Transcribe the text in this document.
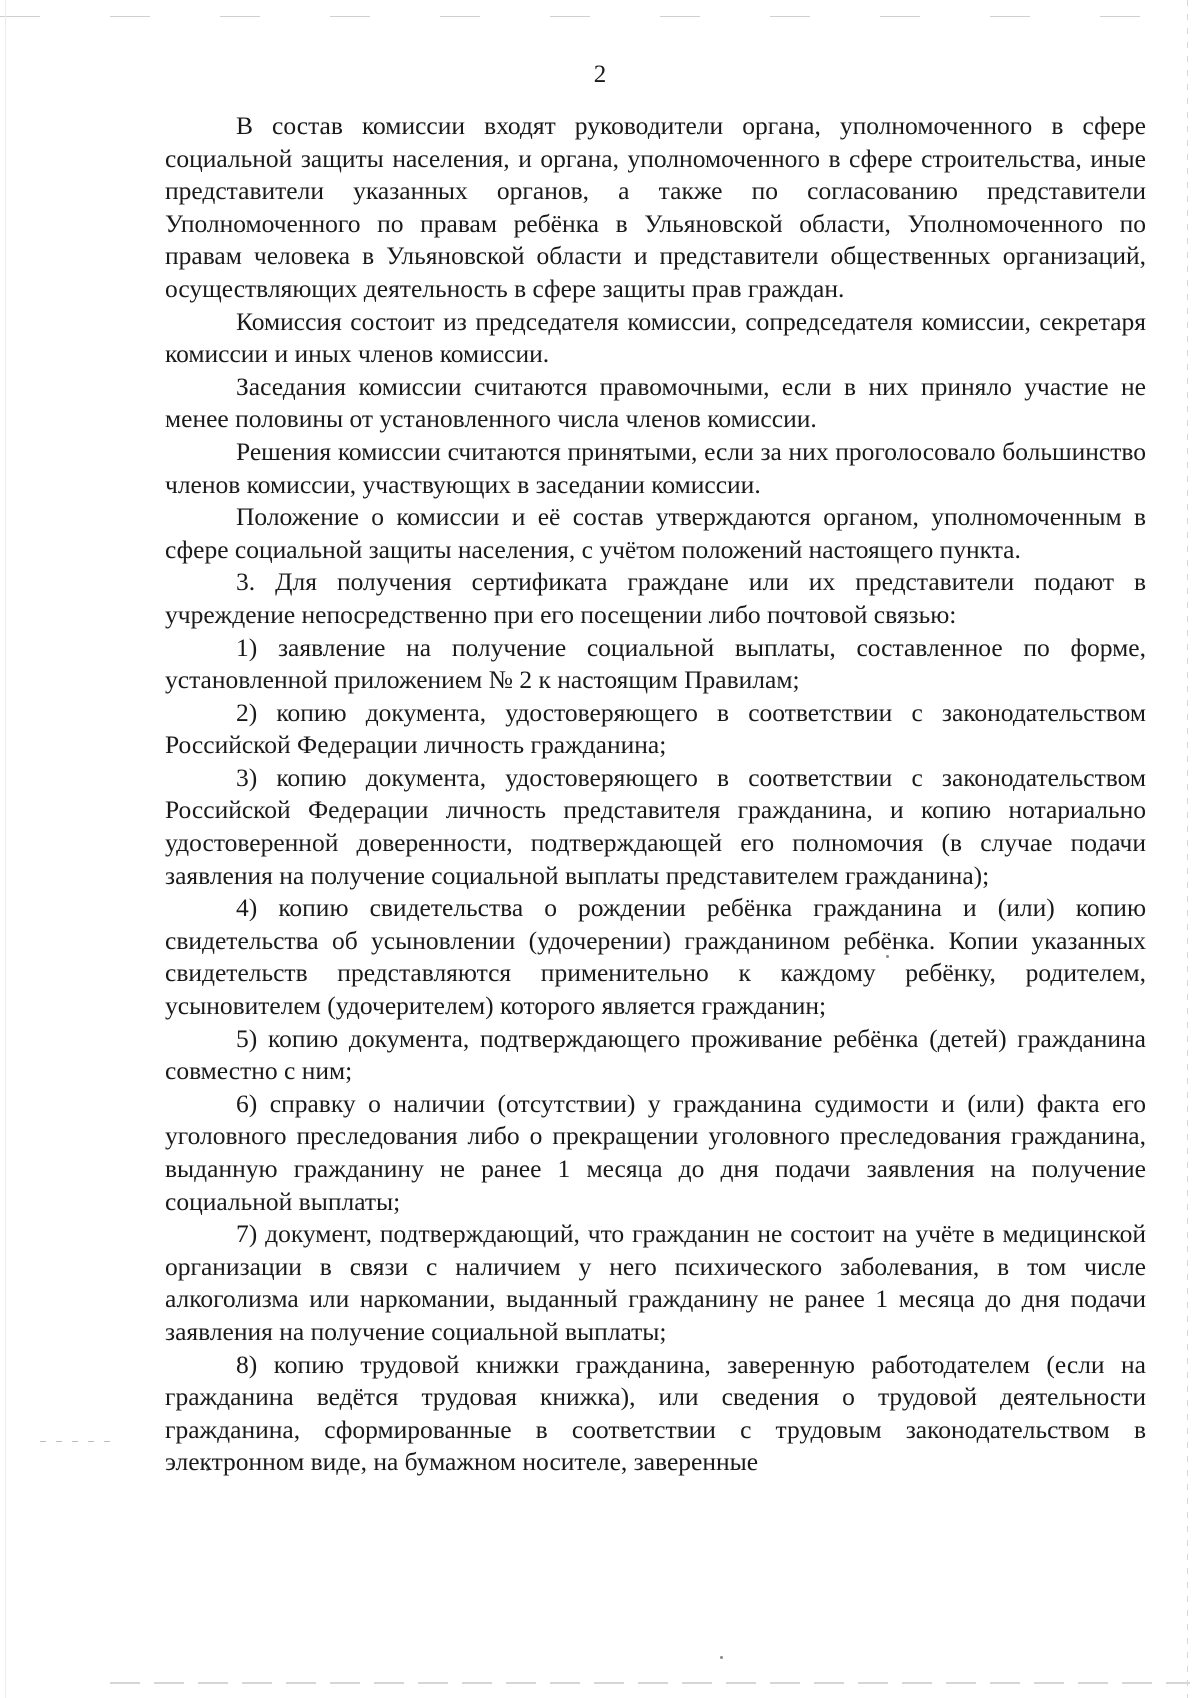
2

В состав комиссии входят руководители органа, уполномоченного в сфере социальной защиты населения, и органа, уполномоченного в сфере строительства, иные представители указанных органов, а также по согласованию представители Уполномоченного по правам ребёнка в Ульяновской области, Уполномоченного по правам человека в Ульяновской области и представители общественных организаций, осуществляющих деятельность в сфере защиты прав граждан.

Комиссия состоит из председателя комиссии, сопредседателя комиссии, секретаря комиссии и иных членов комиссии.

Заседания комиссии считаются правомочными, если в них приняло участие не менее половины от установленного числа членов комиссии.

Решения комиссии считаются принятыми, если за них проголосовало большинство членов комиссии, участвующих в заседании комиссии.

Положение о комиссии и её состав утверждаются органом, уполномоченным в сфере социальной защиты населения, с учётом положений настоящего пункта.

3. Для получения сертификата граждане или их представители подают в учреждение непосредственно при его посещении либо почтовой связью:

1) заявление на получение социальной выплаты, составленное по форме, установленной приложением № 2 к настоящим Правилам;

2) копию документа, удостоверяющего в соответствии с законодательством Российской Федерации личность гражданина;

3) копию документа, удостоверяющего в соответствии с законодательством Российской Федерации личность представителя гражданина, и копию нотариально удостоверенной доверенности, подтверждающей его полномочия (в случае подачи заявления на получение социальной выплаты представителем гражданина);

4) копию свидетельства о рождении ребёнка гражданина и (или) копию свидетельства об усыновлении (удочерении) гражданином ребёнка. Копии указанных свидетельств представляются применительно к каждому ребёнку, родителем, усыновителем (удочерителем) которого является гражданин;

5) копию документа, подтверждающего проживание ребёнка (детей) гражданина совместно с ним;

6) справку о наличии (отсутствии) у гражданина судимости и (или) факта его уголовного преследования либо о прекращении уголовного преследования гражданина, выданную гражданину не ранее 1 месяца до дня подачи заявления на получение социальной выплаты;

7) документ, подтверждающий, что гражданин не состоит на учёте в медицинской организации в связи с наличием у него психического заболевания, в том числе алкоголизма или наркомании, выданный гражданину не ранее 1 месяца до дня подачи заявления на получение социальной выплаты;

8) копию трудовой книжки гражданина, заверенную работодателем (если на гражданина ведётся трудовая книжка), или сведения о трудовой деятельности гражданина, сформированные в соответствии с трудовым законодательством в электронном виде, на бумажном носителе, заверенные
